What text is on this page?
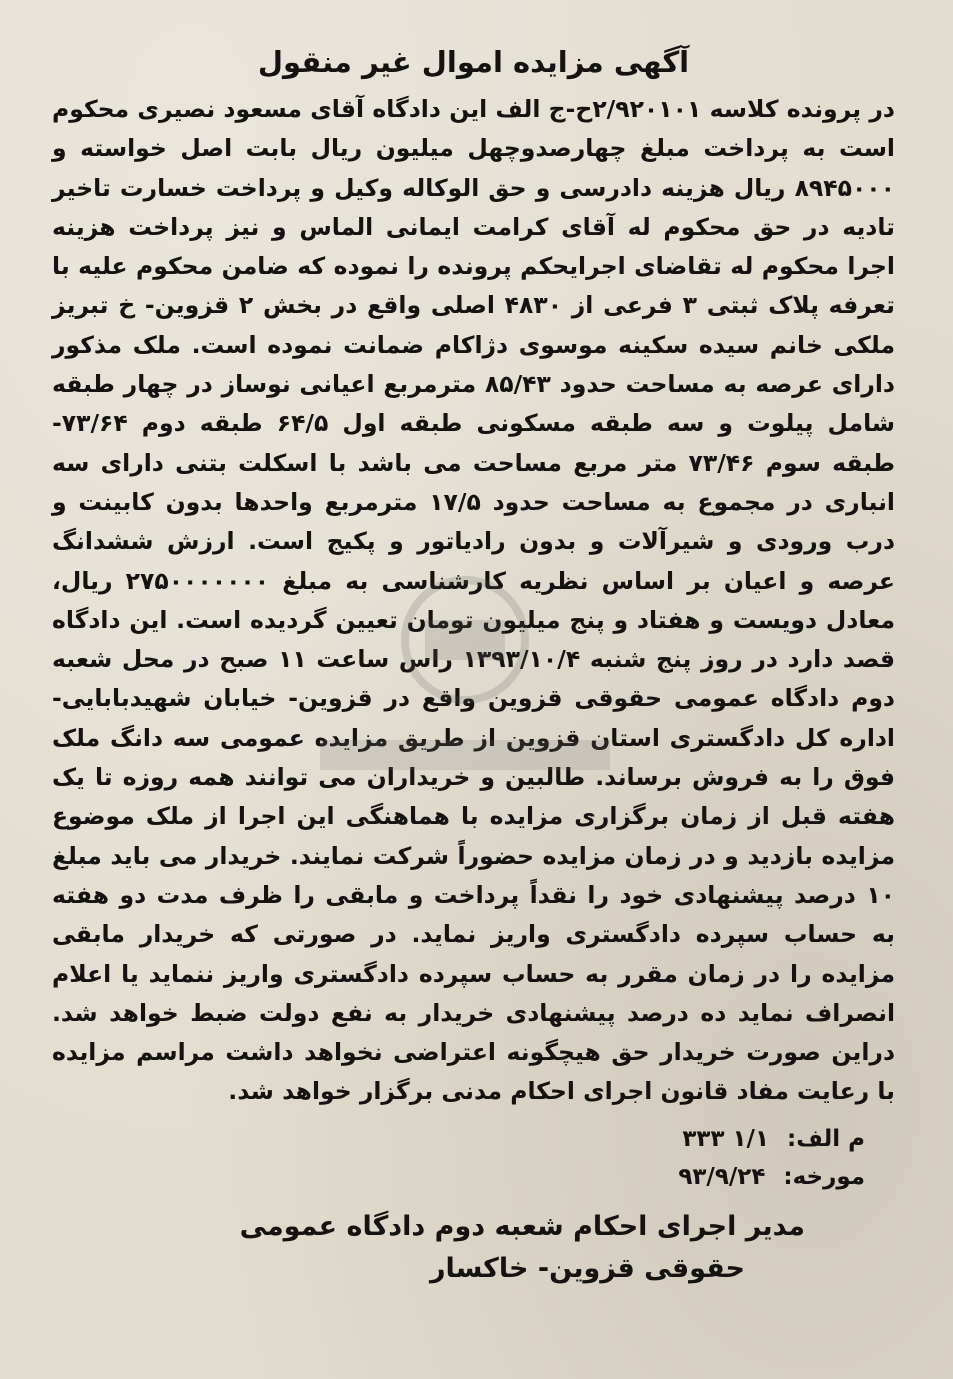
آگهی مزایده اموال غیر منقول

در پرونده کلاسه ۲/۹۲۰۱۰۱ح-ج الف این دادگاه آقای مسعود نصیری محکوم است به پرداخت مبلغ چهارصدوچهل میلیون ریال بابت اصل خواسته و ۸۹۴۵۰۰۰ ریال هزینه دادرسی و حق الوکاله وکیل و پرداخت خسارت تاخیر تادیه در حق محکوم له آقای کرامت ایمانی الماس و نیز پرداخت هزینه اجرا محکوم له تقاضای اجرایحکم پرونده را نموده که ضامن محکوم علیه با تعرفه پلاک ثبتی ۳ فرعی از ۴۸۳۰ اصلی واقع در بخش ۲ قزوین- خ تبریز ملکی خانم سیده سکینه موسوی دژاکام ضمانت نموده است. ملک مذکور دارای عرصه به مساحت حدود ۸۵/۴۳ مترمربع اعیانی نوساز در چهار طبقه شامل پیلوت و سه طبقه مسکونی طبقه اول ۶۴/۵ طبقه دوم ۷۳/۶۴- طبقه سوم ۷۳/۴۶ متر مربع مساحت می باشد با اسکلت بتنی دارای سه انباری در مجموع به مساحت حدود ۱۷/۵ مترمربع واحدها بدون کابینت و درب ورودی و شیرآلات و بدون رادیاتور و پکیج است. ارزش ششدانگ عرصه و اعیان بر اساس نظریه کارشناسی به مبلغ ۲۷۵۰۰۰۰۰۰۰ ریال، معادل دویست و هفتاد و پنج میلیون تومان تعیین گردیده است. این دادگاه قصد دارد در روز پنج شنبه ۱۳۹۳/۱۰/۴ راس ساعت ۱۱ صبح در محل شعبه دوم دادگاه عمومی حقوقی قزوین واقع در قزوین- خیابان شهیدبابایی- اداره کل دادگستری استان قزوین از طریق مزایده عمومی سه دانگ ملک فوق را به فروش برساند. طالبین و خریداران می توانند همه روزه تا یک هفته قبل از زمان برگزاری مزایده با هماهنگی این اجرا از ملک موضوع مزایده بازدید و در زمان مزایده حضوراً شرکت نمایند. خریدار می باید مبلغ ۱۰ درصد پیشنهادی خود را نقداً پرداخت و مابقی را ظرف مدت دو هفته به حساب سپرده دادگستری واریز نماید. در صورتی که خریدار مابقی مزایده را در زمان مقرر به حساب سپرده دادگستری واریز ننماید یا اعلام انصراف نماید ده درصد پیشنهادی خریدار به نفع دولت ضبط خواهد شد. دراین صورت خریدار حق هیچگونه اعتراضی نخواهد داشت مراسم مزایده با رعایت مفاد قانون اجرای احکام مدنی برگزار خواهد شد.

م الف: ۱/۱ ۳۳۳
مورخه: ۹۳/۹/۲۴
مدیر اجرای احکام شعبه دوم دادگاه عمومی
حقوقی قزوین- خاکسار
